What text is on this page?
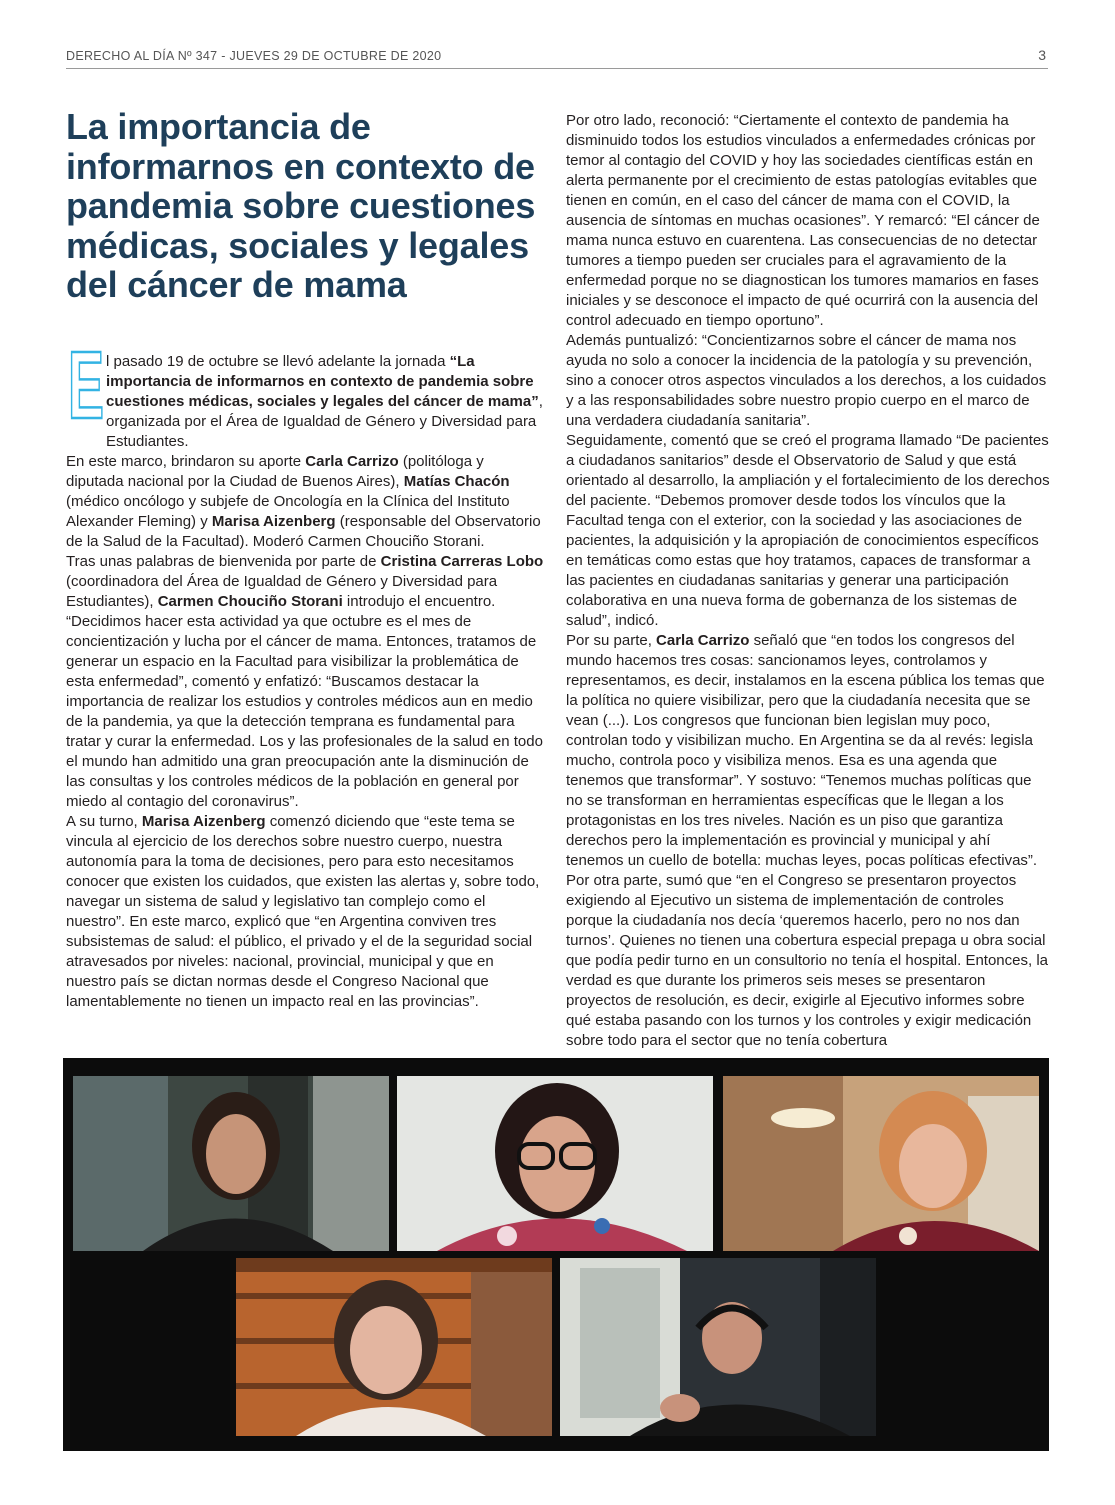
DERECHO AL DÍA Nº 347 - JUEVES 29 DE OCTUBRE DE 2020	3
La importancia de informarnos en contexto de pandemia sobre cuestiones médicas, sociales y legales del cáncer de mama
E l pasado 19 de octubre se llevó adelante la jornada “La importancia de informarnos en contexto de pandemia sobre cuestiones médicas, sociales y legales del cáncer de mama”, organizada por el Área de Igualdad de Género y Diversidad para Estudiantes.

En este marco, brindaron su aporte Carla Carrizo (politóloga y diputada nacional por la Ciudad de Buenos Aires), Matías Chacón (médico oncólogo y subjefe de Oncología en la Clínica del Instituto Alexander Fleming) y Marisa Aizenberg (responsable del Observatorio de la Salud de la Facultad). Moderó Carmen Chouciño Storani.

Tras unas palabras de bienvenida por parte de Cristina Carreras Lobo (coordinadora del Área de Igualdad de Género y Diversidad para Estudiantes), Carmen Chouciño Storani introdujo el encuentro. “Decidimos hacer esta actividad ya que octubre es el mes de concientización y lucha por el cáncer de mama. Entonces, tratamos de generar un espacio en la Facultad para visibilizar la problemática de esta enfermedad”, comentó y enfatizó: “Buscamos destacar la importancia de realizar los estudios y controles médicos aun en medio de la pandemia, ya que la detección temprana es fundamental para tratar y curar la enfermedad. Los y las profesionales de la salud en todo el mundo han admitido una gran preocupación ante la disminución de las consultas y los controles médicos de la población en general por miedo al contagio del coronavirus”.

A su turno, Marisa Aizenberg comenzó diciendo que “este tema se vincula al ejercicio de los derechos sobre nuestro cuerpo, nuestra autonomía para la toma de decisiones, pero para esto necesitamos conocer que existen los cuidados, que existen las alertas y, sobre todo, navegar un sistema de salud y legislativo tan complejo como el nuestro”. En este marco, explicó que “en Argentina conviven tres subsistemas de salud: el público, el privado y el de la seguridad social atravesados por niveles: nacional, provincial, municipal y que en nuestro país se dictan normas desde el Congreso Nacional que lamentablemente no tienen un impacto real en las provincias”.

Por otro lado, reconoció: “Ciertamente el contexto de pandemia ha disminuido todos los estudios vinculados a enfermedades crónicas por temor al contagio del COVID y hoy las sociedades científicas están en alerta permanente por el crecimiento de estas patologías evitables que tienen en común, en el caso del cáncer de mama con el COVID, la ausencia de síntomas en muchas ocasiones”. Y remarcó: “El cáncer de mama nunca estuvo en cuarentena. Las consecuencias de no detectar tumores a tiempo pueden ser cruciales para el agravamiento de la enfermedad porque no se diagnostican los tumores mamarios en fases iniciales y se desconoce el impacto de qué ocurrirá con la ausencia del control adecuado en tiempo oportuno”.

Además puntualizó: “Concientizarnos sobre el cáncer de mama nos ayuda no solo a conocer la incidencia de la patología y su prevención, sino a conocer otros aspectos vinculados a los derechos, a los cuidados y a las responsabilidades sobre nuestro propio cuerpo en el marco de una verdadera ciudadanía sanitaria”.

Seguidamente, comentó que se creó el programa llamado “De pacientes a ciudadanos sanitarios” desde el Observatorio de Salud y que está orientado al desarrollo, la ampliación y el fortalecimiento de los derechos del paciente. “Debemos promover desde todos los vínculos que la Facultad tenga con el exterior, con la sociedad y las asociaciones de pacientes, la adquisición y la apropiación de conocimientos específicos en temáticas como estas que hoy tratamos, capaces de transformar a las pacientes en ciudadanas sanitarias y generar una participación colaborativa en una nueva forma de gobernanza de los sistemas de salud”, indicó.

Por su parte, Carla Carrizo señaló que “en todos los congresos del mundo hacemos tres cosas: sancionamos leyes, controlamos y representamos, es decir, instalamos en la escena pública los temas que la política no quiere visibilizar, pero que la ciudadanía necesita que se vean (...). Los congresos que funcionan bien legislan muy poco, controlan todo y visibilizan mucho. En Argentina se da al revés: legisla mucho, controla poco y visibiliza menos. Esa es una agenda que tenemos que transformar”. Y sostuvo: “Tenemos muchas políticas que no se transforman en herramientas específicas que le llegan a los protagonistas en los tres niveles. Nación es un piso que garantiza derechos pero la implementación es provincial y municipal y ahí tenemos un cuello de botella: muchas leyes, pocas políticas efectivas”.

Por otra parte, sumó que “en el Congreso se presentaron proyectos exigiendo al Ejecutivo un sistema de implementación de controles porque la ciudadanía nos decía ‘queremos hacerlo, pero no nos dan turnos’. Quienes no tienen una cobertura especial prepaga u obra social que podía pedir turno en un consultorio no tenía el hospital. Entonces, la verdad es que durante los primeros seis meses se presentaron proyectos de resolución, es decir, exigirle al Ejecutivo informes sobre qué estaba pasando con los turnos y los controles y exigir medicación sobre todo para el sector que no tenía cobertura
